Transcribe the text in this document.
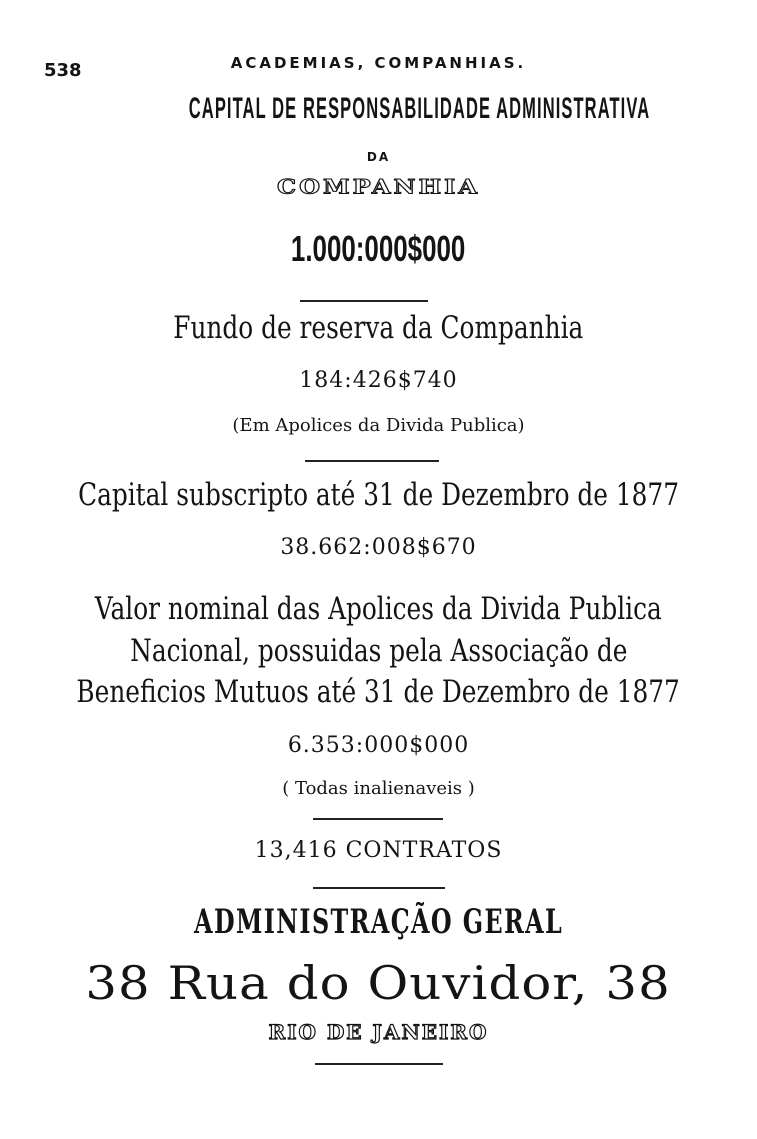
538	ACADEMIAS, COMPANHIAS.
CAPITAL DE RESPONSABILIDADE ADMINISTRATIVA
DA
COMPANHIA
1.000:000$000
Fundo de reserva da Companhia
184:426$740
(Em Apolices da Divida Publica)
Capital subscripto até 31 de Dezembro de 1877
38.662:008$670
Valor nominal das Apolices da Divida Publica
Nacional, possuidas pela Associação de
Beneficios Mutuos até 31 de Dezembro de 1877
6.353:000$000
( Todas inalienaveis )
13,416 CONTRATOS
ADMINISTRAÇÃO GERAL
38 Rua do Ouvidor, 38
RIO DE JANEIRO
